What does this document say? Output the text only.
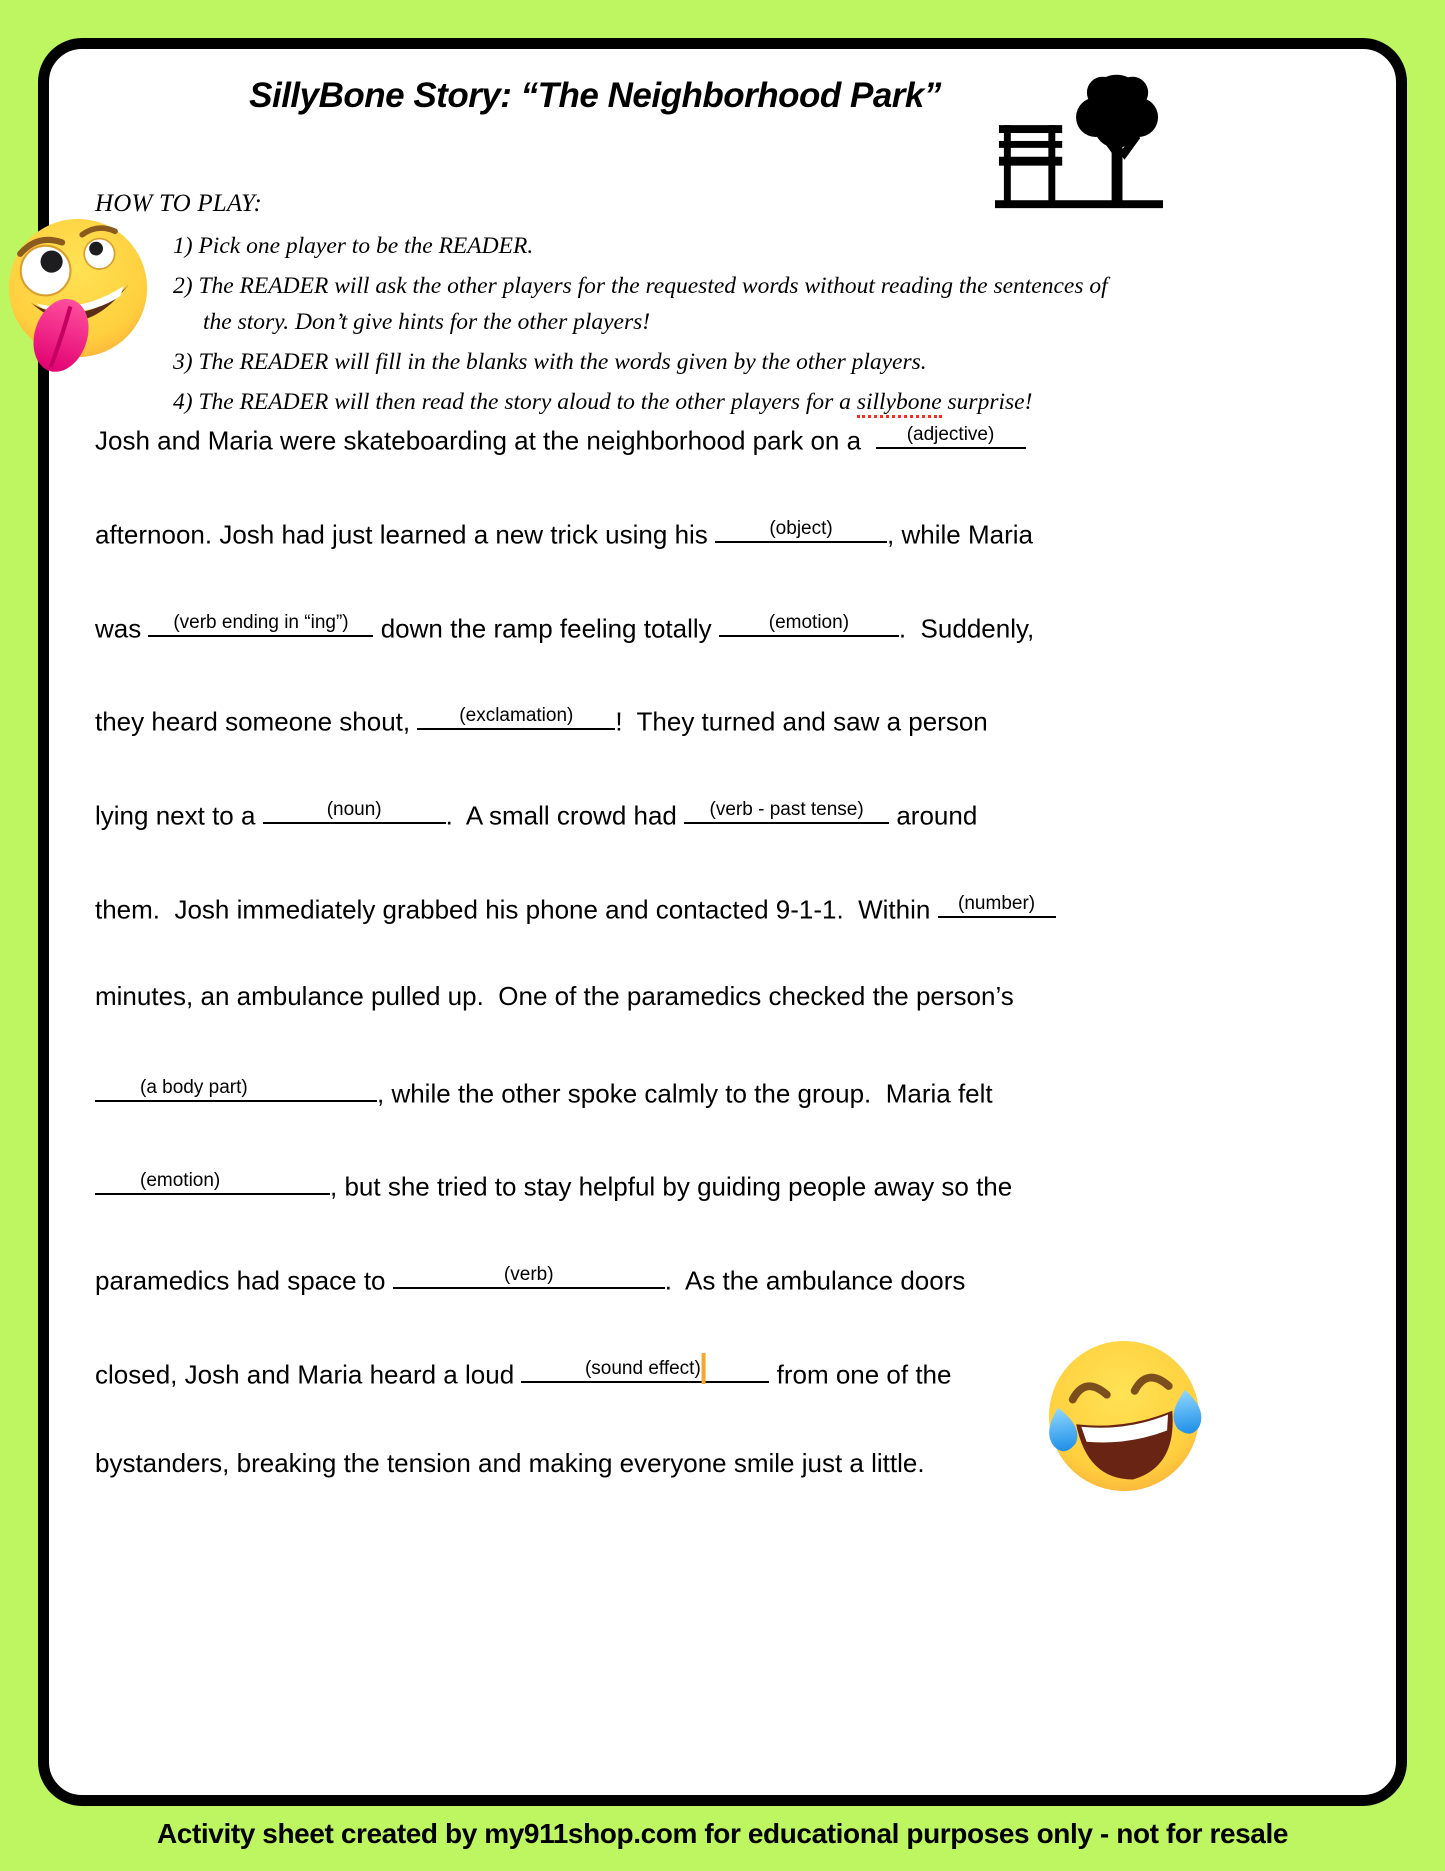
SillyBone Story: “The Neighborhood Park”
HOW TO PLAY:
1) Pick one player to be the READER.
2) The READER will ask the other players for the requested words without reading the sentences of the story. Don’t give hints for the other players!
3) The READER will fill in the blanks with the words given by the other players.
4) The READER will then read the story aloud to the other players for a sillybone surprise!
Josh and Maria were skateboarding at the neighborhood park on a (adjective)
afternoon. Josh had just learned a new trick using his	(object) , while Maria
was (verb ending in “ing”) down the ramp feeling totally	(emotion) .  Suddenly,
they heard someone shout, (exclamation) !  They turned and saw a person
lying next to a	(noun) .  A small crowd had (verb - past tense) around
them.  Josh immediately grabbed his phone and contacted 9-1-1.  Within (number)
minutes, an ambulance pulled up.  One of the paramedics checked the person’s
(a body part)	, while the other spoke calmly to the group.  Maria felt
(emotion)	, but she tried to stay helpful by guiding people away so the
paramedics had space to	(verb)	.  As the ambulance doors
closed, Josh and Maria heard a loud	(sound effect)	from one of the
bystanders, breaking the tension and making everyone smile just a little.
Activity sheet created by my911shop.com for educational purposes only - not for resale
